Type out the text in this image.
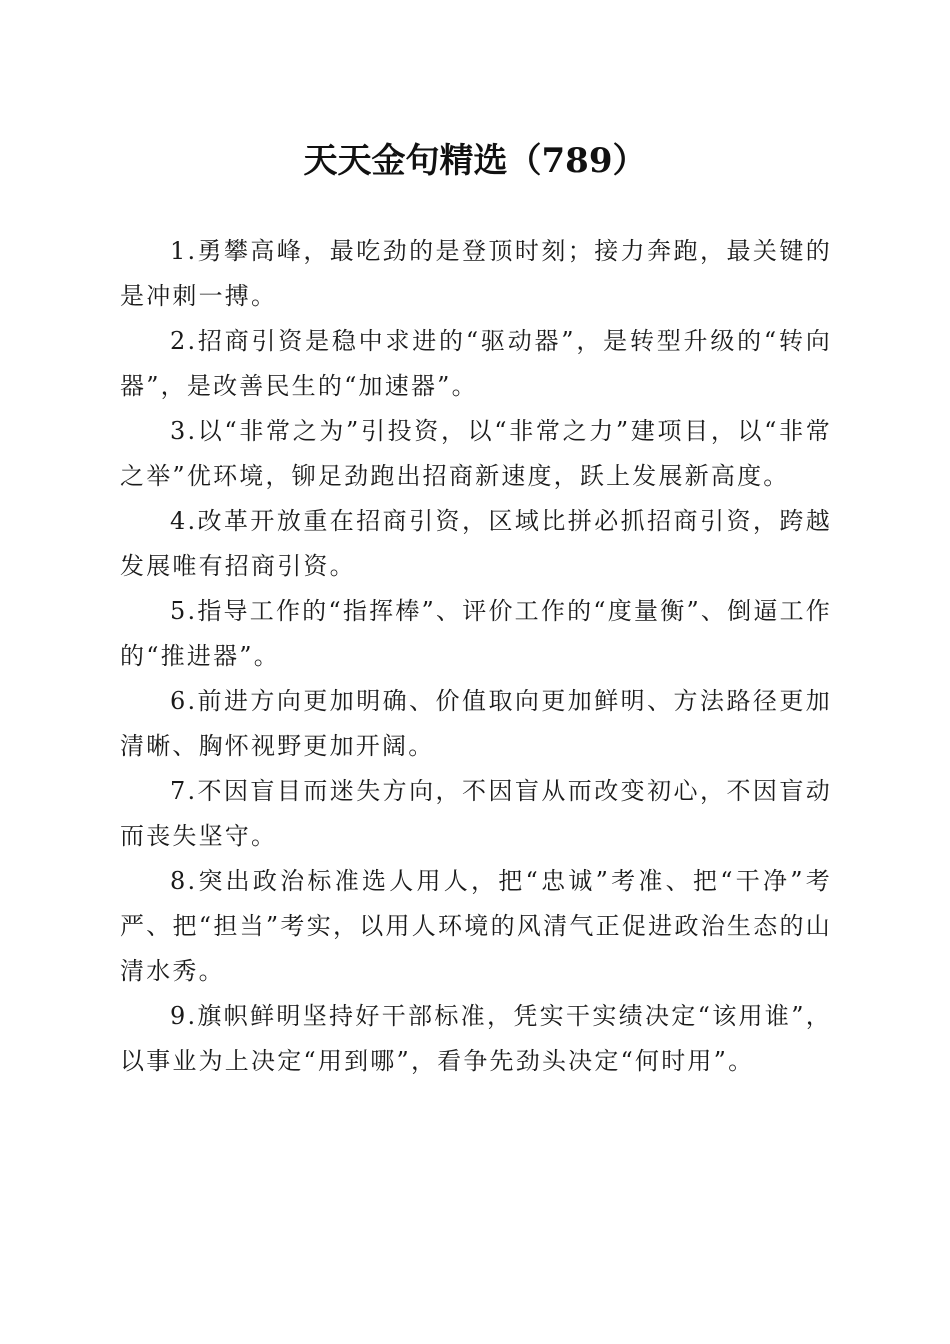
天天金句精选（789）

1.勇攀高峰，最吃劲的是登顶时刻；接力奔跑，最关键的是冲刺一搏。

2.招商引资是稳中求进的“驱动器”，是转型升级的“转向器”，是改善民生的“加速器”。

3.以“非常之为”引投资，以“非常之力”建项目，以“非常之举”优环境，铆足劲跑出招商新速度，跃上发展新高度。

4.改革开放重在招商引资，区域比拼必抓招商引资，跨越发展唯有招商引资。

5.指导工作的“指挥棒”、评价工作的“度量衡”、倒逼工作的“推进器”。

6.前进方向更加明确、价值取向更加鲜明、方法路径更加清晰、胸怀视野更加开阔。

7.不因盲目而迷失方向，不因盲从而改变初心，不因盲动而丧失坚守。

8.突出政治标准选人用人，把“忠诚”考准、把“干净”考严、把“担当”考实，以用人环境的风清气正促进政治生态的山清水秀。

9.旗帜鲜明坚持好干部标准，凭实干实绩决定“该用谁”，以事业为上决定“用到哪”，看争先劲头决定“何时用”。
